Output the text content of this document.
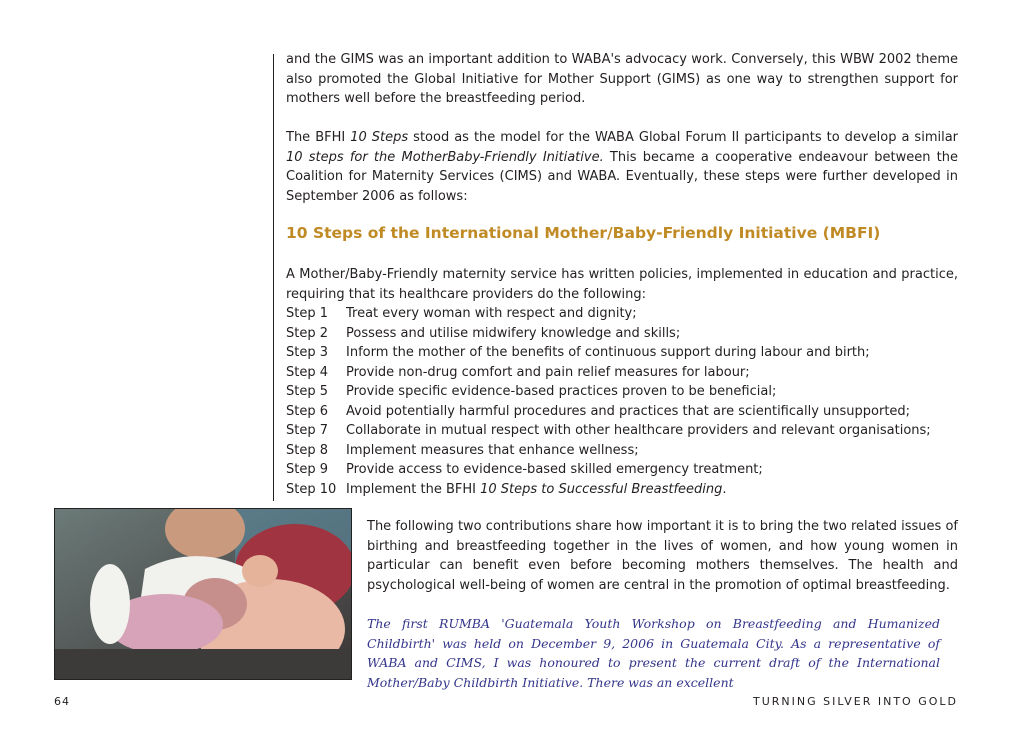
and the GIMS was an important addition to WABA's advocacy work. Conversely, this WBW 2002 theme also promoted the Global Initiative for Mother Support (GIMS) as one way to strengthen support for mothers well before the breastfeeding period.

The BFHI 10 Steps stood as the model for the WABA Global Forum II participants to develop a similar 10 steps for the MotherBaby-Friendly Initiative. This became a cooperative endeavour between the Coalition for Maternity Services (CIMS) and WABA. Eventually, these steps were further developed in September 2006 as follows:

10 Steps of the International Mother/Baby-Friendly Initiative (MBFI)

A Mother/Baby-Friendly maternity service has written policies, implemented in education and practice, requiring that its healthcare providers do the following:

Step 1 Treat every woman with respect and dignity;
Step 2 Possess and utilise midwifery knowledge and skills;
Step 3 Inform the mother of the benefits of continuous support during labour and birth;
Step 4 Provide non-drug comfort and pain relief measures for labour;
Step 5 Provide specific evidence-based practices proven to be beneficial;
Step 6 Avoid potentially harmful procedures and practices that are scientifically unsupported;
Step 7 Collaborate in mutual respect with other healthcare providers and relevant organisations;
Step 8 Implement measures that enhance wellness;
Step 9 Provide access to evidence-based skilled emergency treatment;
Step 10 Implement the BFHI 10 Steps to Successful Breastfeeding.

The following two contributions share how important it is to bring the two related issues of birthing and breastfeeding together in the lives of women, and how young women in particular can benefit even before becoming mothers themselves. The health and psychological well-being of women are central in the promotion of optimal breastfeeding.

The first RUMBA 'Guatemala Youth Workshop on Breastfeeding and Humanized Childbirth' was held on December 9, 2006 in Guatemala City. As a representative of WABA and CIMS, I was honoured to present the current draft of the International Mother/Baby Childbirth Initiative. There was an excellent

64	TURNING SILVER INTO GOLD
